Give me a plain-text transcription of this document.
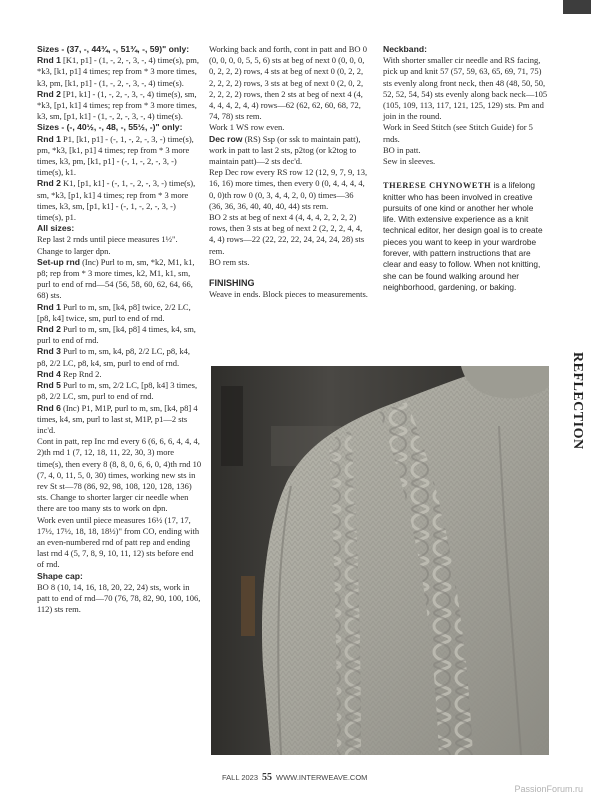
Sizes - (37, -, 44¾, -, 51¾, -, 59)" only:

Rnd 1 [K1, p1] - (1, -, 2, -, 3, -, 4) time(s), pm, *k3, [k1, p1] 4 times; rep from * 3 more times, k3, pm, [k1, p1] - (1, -, 2, -, 3, -, 4) time(s).

Rnd 2 [P1, k1] - (1, -, 2, -, 3, -, 4) time(s), sm, *k3, [p1, k1] 4 times; rep from * 3 more times, k3, sm, [p1, k1] - (1, -, 2, -, 3, -, 4) time(s).

Sizes - (-, 40½, -, 48, -, 55½, -)" only:

Rnd 1 P1, [k1, p1] - (-, 1, -, 2, -, 3, -) time(s), pm, *k3, [k1, p1] 4 times; rep from * 3 more times, k3, pm, [k1, p1] - (-, 1, -, 2, -, 3, -) time(s), k1.

Rnd 2 K1, [p1, k1] - (-, 1, -, 2, -, 3, -) time(s), sm, *k3, [p1, k1] 4 times; rep from * 3 more times, k3, sm, [p1, k1] - (-, 1, -, 2, -, 3, -) time(s), p1.

All sizes:

Rep last 2 rnds until piece measures 1½". Change to larger dpn.

Set-up rnd (Inc) Purl to m, sm, *k2, M1, k1, p8; rep from * 3 more times, k2, M1, k1, sm, purl to end of rnd—54 (56, 58, 60, 62, 64, 66, 68) sts.

Rnd 1 Purl to m, sm, [k4, p8] twice, 2/2 LC, [p8, k4] twice, sm, purl to end of rnd.

Rnd 2 Purl to m, sm, [k4, p8] 4 times, k4, sm, purl to end of rnd.

Rnd 3 Purl to m, sm, k4, p8, 2/2 LC, p8, k4, p8, 2/2 LC, p8, k4, sm, purl to end of rnd.

Rnd 4 Rep Rnd 2.

Rnd 5 Purl to m, sm, 2/2 LC, [p8, k4] 3 times, p8, 2/2 LC, sm, purl to end of rnd.

Rnd 6 (Inc) P1, M1P, purl to m, sm, [k4, p8] 4 times, k4, sm, purl to last st, M1P, p1—2 sts inc'd.

Cont in patt, rep Inc rnd every 6 (6, 6, 6, 4, 4, 4, 2)th rnd 1 (7, 12, 18, 11, 22, 30, 3) more time(s), then every 8 (8, 8, 0, 6, 6, 0, 4)th rnd 10 (7, 4, 0, 11, 5, 0, 30) times, working new sts in rev St st—78 (86, 92, 98, 108, 120, 128, 136) sts. Change to shorter larger cir needle when there are too many sts to work on dpn.

Work even until piece measures 16½ (17, 17, 17½, 17½, 18, 18, 18½)" from CO, ending with an even-numbered rnd of patt rep and ending last rnd 4 (5, 7, 8, 9, 10, 11, 12) sts before end of rnd.

Shape cap:

BO 8 (10, 14, 16, 18, 20, 22, 24) sts, work in patt to end of rnd—70 (76, 78, 82, 90, 100, 106, 112) sts rem.

Working back and forth, cont in patt and BO 0 (0, 0, 0, 0, 5, 5, 6) sts at beg of next 0 (0, 0, 0, 0, 2, 2, 2) rows, 4 sts at beg of next 0 (0, 2, 2, 2, 2, 2, 2) rows, 3 sts at beg of next 0 (2, 0, 2, 2, 2, 2, 2) rows, then 2 sts at beg of next 4 (4, 4, 4, 4, 2, 4, 4) rows—62 (62, 62, 60, 68, 72, 74, 78) sts rem.

Work 1 WS row even.

Dec row (RS) Ssp (or ssk to maintain patt), work in patt to last 2 sts, p2tog (or k2tog to maintain patt)—2 sts dec'd.

Rep Dec row every RS row 12 (12, 9, 7, 9, 13, 16, 16) more times, then every 0 (0, 4, 4, 4, 4, 0, 0)th row 0 (0, 3, 4, 4, 2, 0, 0) times—36 (36, 36, 36, 40, 40, 40, 44) sts rem.

BO 2 sts at beg of next 4 (4, 4, 4, 2, 2, 2, 2) rows, then 3 sts at beg of next 2 (2, 2, 2, 4, 4, 4, 4) rows—22 (22, 22, 22, 24, 24, 24, 28) sts rem.

BO rem sts.

FINISHING
Weave in ends. Block pieces to measurements.

Neckband:

With shorter smaller cir needle and RS facing, pick up and knit 57 (57, 59, 63, 65, 69, 71, 75) sts evenly along front neck, then 48 (48, 50, 50, 52, 52, 54, 54) sts evenly along back neck—105 (105, 109, 113, 117, 121, 125, 129) sts. Pm and join in the round.

Work in Seed Stitch (see Stitch Guide) for 5 rnds.

BO in patt.

Sew in sleeves.

THERESE CHYNOWETH is a lifelong knitter who has been involved in creative pursuits of one kind or another her whole life. With extensive experience as a knit technical editor, her design goal is to create pieces you want to keep in your wardrobe forever, with pattern instructions that are clear and easy to follow. When not knitting, she can be found walking around her neighborhood, gardening, or baking.

REFLECTION
FALL 2023 55 WWW.INTERWEAVE.COM
PassionForum.ru
